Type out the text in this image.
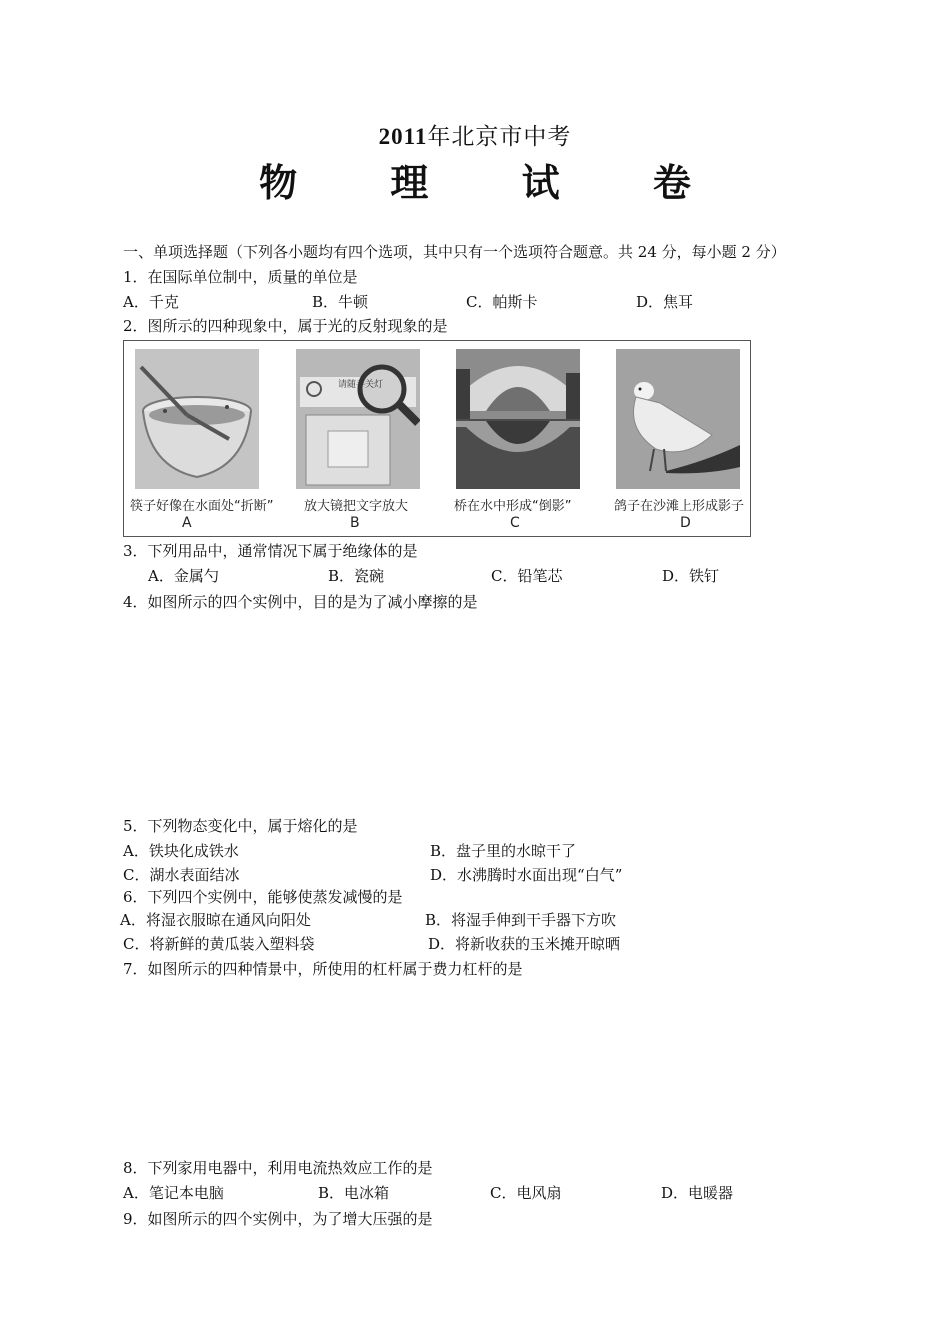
2011年北京市中考
物 理 试 卷
一、单项选择题（下列各小题均有四个选项，其中只有一个选项符合题意。共 24 分，每小题 2 分）
1．在国际单位制中，质量的单位是
A．千克	B．牛顿	C．帕斯卡	D．焦耳
2．图所示的四种现象中，属于光的反射现象的是
请随手关灯
筷子好像在水面处“折断” 放大镜把文字放大	桥在水中形成“倒影”	鸽子在沙滩上形成影子
A	B	C	D
3．下列用品中，通常情况下属于绝缘体的是
A．金属勺	B．瓷碗	C．铅笔芯	D．铁钉
4．如图所示的四个实例中，目的是为了减小摩擦的是
5．下列物态变化中，属于熔化的是
A．铁块化成铁水	B．盘子里的水晾干了
C．湖水表面结冰	D．水沸腾时水面出现“白气”
6．下列四个实例中，能够使蒸发减慢的是
A．将湿衣服晾在通风向阳处	B．将湿手伸到干手器下方吹
C．将新鲜的黄瓜装入塑料袋	D．将新收获的玉米摊开晾晒
7．如图所示的四种情景中，所使用的杠杆属于费力杠杆的是
8．下列家用电器中，利用电流热效应工作的是
A．笔记本电脑	B．电冰箱	C．电风扇	D．电暖器
9．如图所示的四个实例中，为了增大压强的是
